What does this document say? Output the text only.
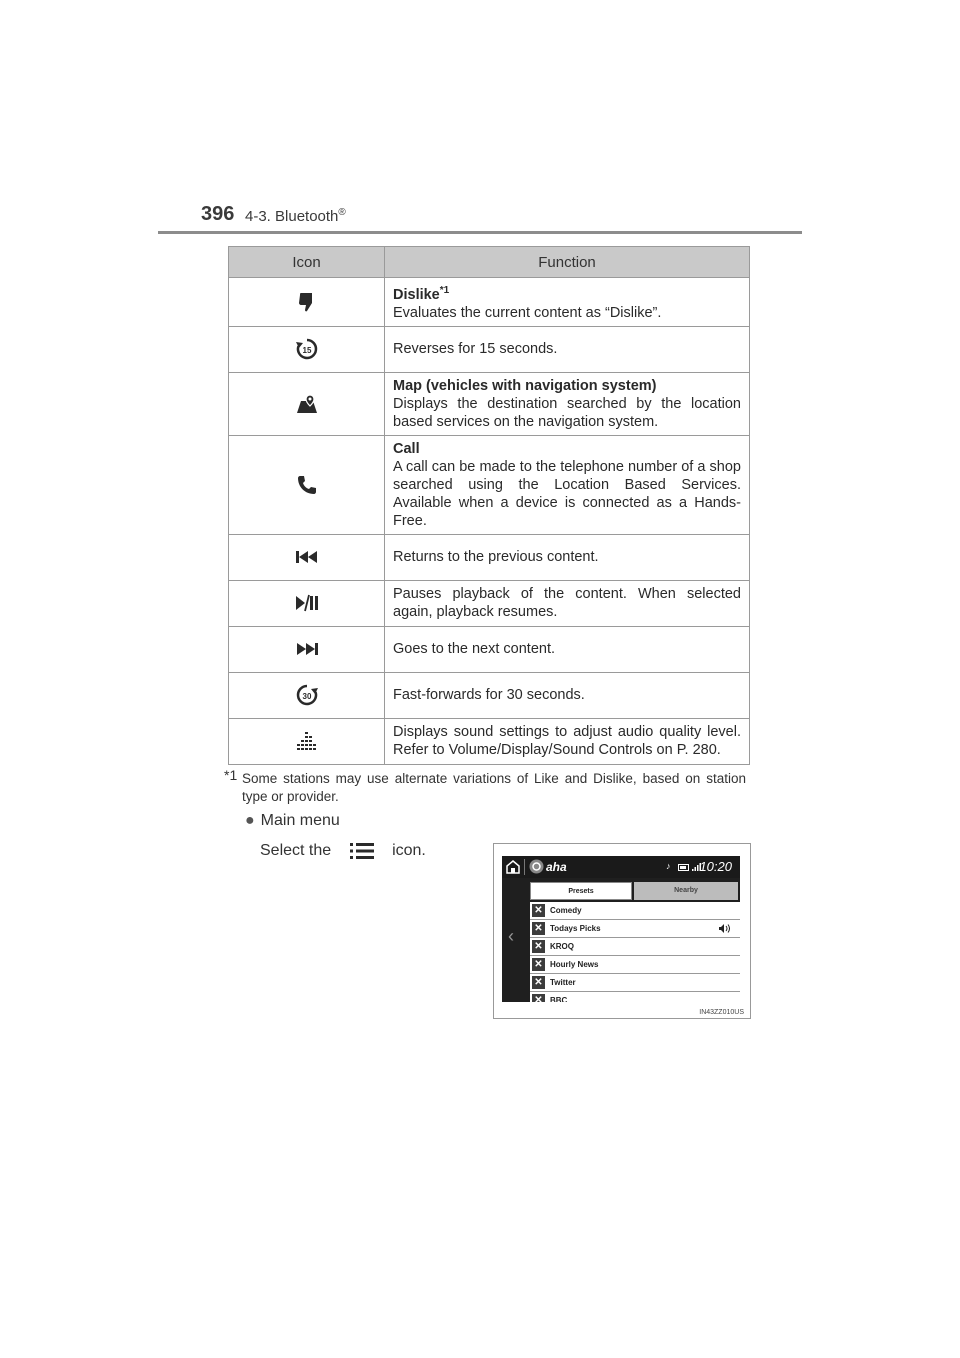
396 4-3. Bluetooth®
Icon	Function

Dislike$^{*1}$
Evaluates the current content as “Dislike”.

15	Reverses for 15 seconds.

Map (vehicles with navigation system)
Displays the destination searched by the location based services on the navigation system.

Call
A call can be made to the telephone number of a shop searched using the Location Based Services. Available when a device is connected as a Hands-Free.

Returns to the previous content.

Pauses playback of the content. When selected again, playback resumes.

Goes to the next content.

30	Fast-forwards for 30 seconds.

Displays sound settings to adjust audio quality level. Refer to Volume/Display/Sound Controls on P. 280.
*1 Some stations may use alternate variations of Like and Dislike, based on station type or provider.
● Main menu
Select the	icon.
aha	♪ 10:20
‹
Presets	Nearby
✕ Comedy
✕ Todays Picks
✕ KROQ
✕ Hourly News
✕ Twitter
✕ BBC
IN43ZZ010US
